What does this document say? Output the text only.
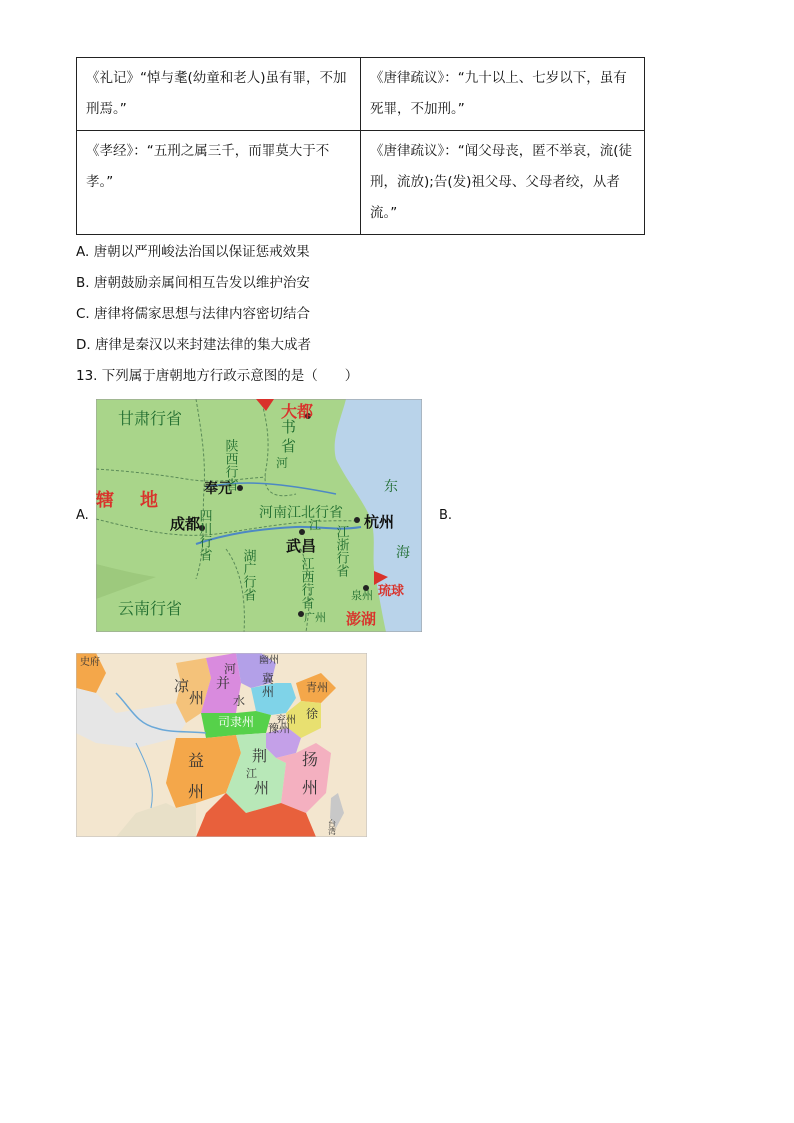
《礼记》“悼与耄(幼童和老人)虽有罪，不加刑焉。”	《唐律疏议》：“九十以上、七岁以下，虽有死罪，不加刑。”
《孝经》：“五刑之属三千，而罪莫大于不孝。”	《唐律疏议》：“闻父母丧，匿不举哀，流(徒刑，流放);告(发)祖父母、父母者绞，从者流。”
A. 唐朝以严刑峻法治国以保证惩戒效果
B. 唐朝鼓励亲属间相互告发以维护治安
C. 唐律将儒家思想与法律内容密切结合
D. 唐律是秦汉以来封建法律的集大成者
13. 下列属于唐朝地方行政示意图的是（　　）
A.	B.
甘肃行省	大都
书
省
陕西行省	河
奉元
河南江北行省
东
辖 地
四川行省
成都	江
武昌
杭州
江浙行省	海
湖广行省	江西行省	泉州 琉球
广州
云南行省
澎湖
史府
凉
州
并
河
水
幽州
冀
州	青 州
兖州 徐
司隶州 豫州
益
州
荆
江
州
扬
州
台湾
